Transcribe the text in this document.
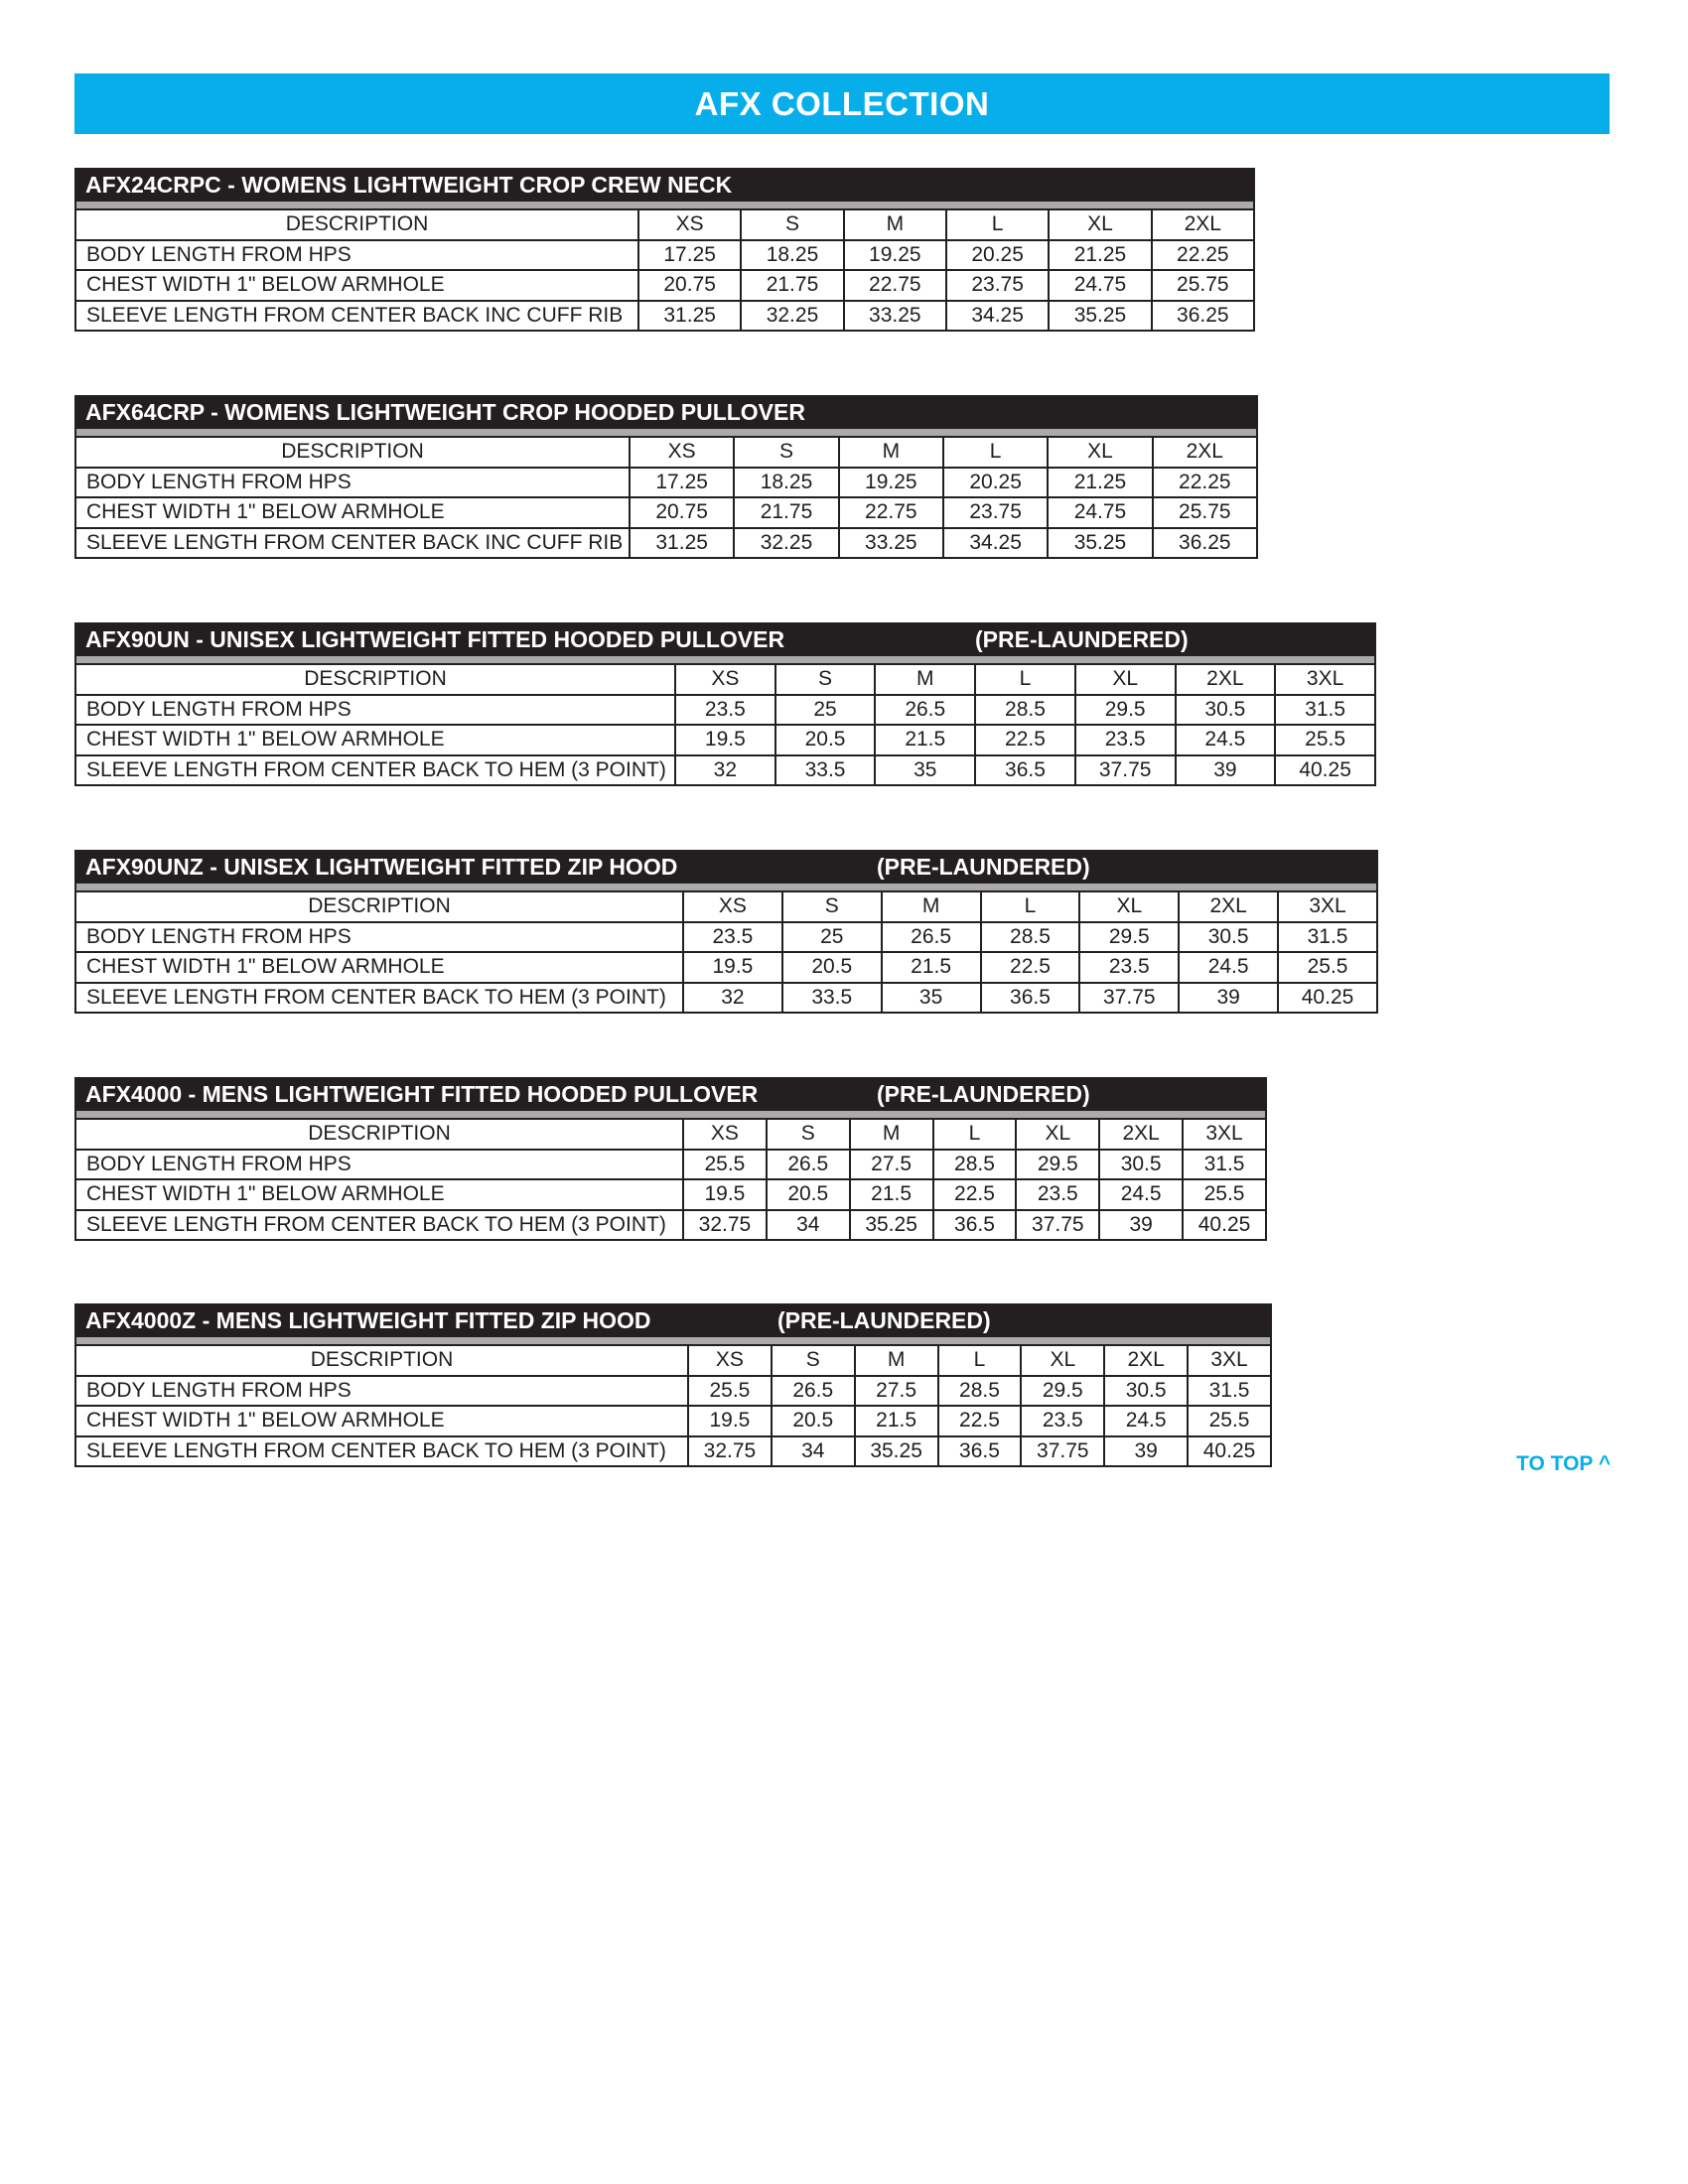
AFX COLLECTION
AFX24CRPC - WOMENS LIGHTWEIGHT CROP CREW NECK
DESCRIPTION	XS	S	M	L	XL	2XL
BODY LENGTH FROM HPS	17.25	18.25	19.25	20.25	21.25	22.25
CHEST WIDTH 1" BELOW ARMHOLE	20.75	21.75	22.75	23.75	24.75	25.75
SLEEVE LENGTH FROM CENTER BACK INC CUFF RIB	31.25	32.25	33.25	34.25	35.25	36.25
AFX64CRP - WOMENS LIGHTWEIGHT CROP HOODED PULLOVER
DESCRIPTION	XS	S	M	L	XL	2XL
BODY LENGTH FROM HPS	17.25	18.25	19.25	20.25	21.25	22.25
CHEST WIDTH 1" BELOW ARMHOLE	20.75	21.75	22.75	23.75	24.75	25.75
SLEEVE LENGTH FROM CENTER BACK INC CUFF RIB	31.25	32.25	33.25	34.25	35.25	36.25
AFX90UN - UNISEX LIGHTWEIGHT FITTED HOODED PULLOVER	(PRE-LAUNDERED)
DESCRIPTION	XS	S	M	L	XL	2XL	3XL
BODY LENGTH FROM HPS	23.5	25	26.5	28.5	29.5	30.5	31.5
CHEST WIDTH 1" BELOW ARMHOLE	19.5	20.5	21.5	22.5	23.5	24.5	25.5
SLEEVE LENGTH FROM CENTER BACK TO HEM (3 POINT)	32	33.5	35	36.5	37.75	39	40.25
AFX90UNZ - UNISEX LIGHTWEIGHT FITTED ZIP HOOD	(PRE-LAUNDERED)
DESCRIPTION	XS	S	M	L	XL	2XL	3XL
BODY LENGTH FROM HPS	23.5	25	26.5	28.5	29.5	30.5	31.5
CHEST WIDTH 1" BELOW ARMHOLE	19.5	20.5	21.5	22.5	23.5	24.5	25.5
SLEEVE LENGTH FROM CENTER BACK TO HEM (3 POINT)	32	33.5	35	36.5	37.75	39	40.25
AFX4000 - MENS LIGHTWEIGHT FITTED HOODED PULLOVER	(PRE-LAUNDERED)
DESCRIPTION	XS	S	M	L	XL	2XL	3XL
BODY LENGTH FROM HPS	25.5	26.5	27.5	28.5	29.5	30.5	31.5
CHEST WIDTH 1" BELOW ARMHOLE	19.5	20.5	21.5	22.5	23.5	24.5	25.5
SLEEVE LENGTH FROM CENTER BACK TO HEM (3 POINT)	32.75	34	35.25	36.5	37.75	39	40.25
AFX4000Z - MENS LIGHTWEIGHT FITTED ZIP HOOD	(PRE-LAUNDERED)
DESCRIPTION	XS	S	M	L	XL	2XL	3XL
BODY LENGTH FROM HPS	25.5	26.5	27.5	28.5	29.5	30.5	31.5
CHEST WIDTH 1" BELOW ARMHOLE	19.5	20.5	21.5	22.5	23.5	24.5	25.5
SLEEVE LENGTH FROM CENTER BACK TO HEM (3 POINT)	32.75	34	35.25	36.5	37.75	39	40.25
TO TOP ^
